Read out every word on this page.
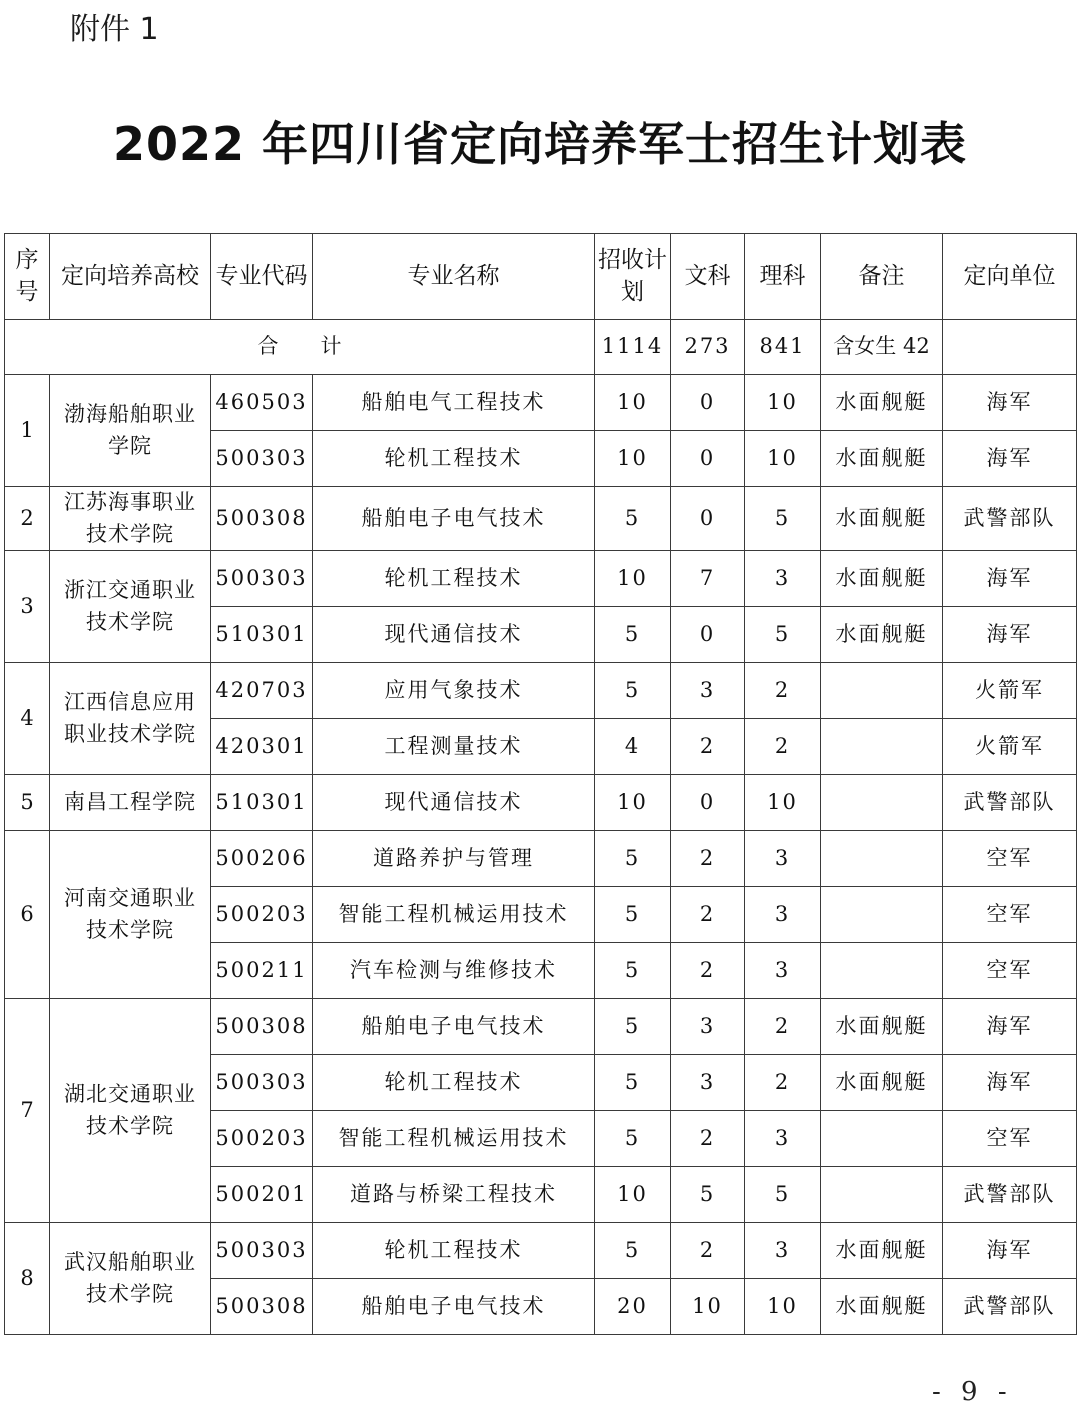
附件 1
2022 年四川省定向培养军士招生计划表
序号	定向培养高校	专业代码	专业名称	招收计划	文科	理科	备注	定向单位
合　　计				1114	273	841	含女生 42	
1	渤海船舶职业学院	460503	船舶电气工程技术	10	0	10	水面舰艇	海军
		500303	轮机工程技术	10	0	10	水面舰艇	海军
2	江苏海事职业技术学院	500308	船舶电子电气技术	5	0	5	水面舰艇	武警部队
3	浙江交通职业技术学院	500303	轮机工程技术	10	7	3	水面舰艇	海军
		510301	现代通信技术	5	0	5	水面舰艇	海军
4	江西信息应用职业技术学院	420703	应用气象技术	5	3	2		火箭军
		420301	工程测量技术	4	2	2		火箭军
5	南昌工程学院	510301	现代通信技术	10	0	10		武警部队
6	河南交通职业技术学院	500206	道路养护与管理	5	2	3		空军
		500203	智能工程机械运用技术	5	2	3		空军
		500211	汽车检测与维修技术	5	2	3		空军
7	湖北交通职业技术学院	500308	船舶电子电气技术	5	3	2	水面舰艇	海军
		500303	轮机工程技术	5	3	2	水面舰艇	海军
		500203	智能工程机械运用技术	5	2	3		空军
		500201	道路与桥梁工程技术	10	5	5		武警部队
8	武汉船舶职业技术学院	500303	轮机工程技术	5	2	3	水面舰艇	海军
		500308	船舶电子电气技术	20	10	10	水面舰艇	武警部队
- 9 -
